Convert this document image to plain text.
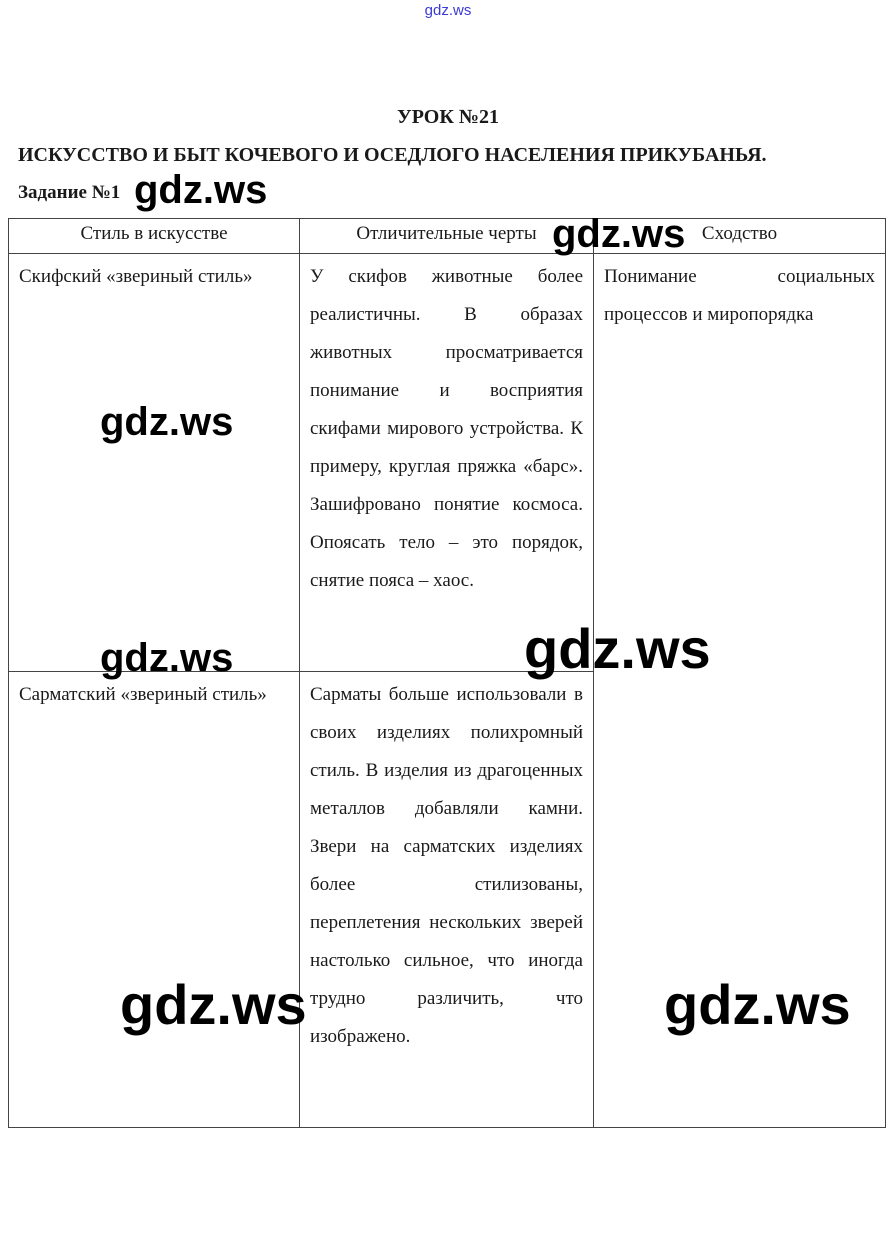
gdz.ws
УРОК №21
ИСКУССТВО И БЫТ КОЧЕВОГО И ОСЕДЛОГО НАСЕЛЕНИЯ ПРИКУБАНЬЯ.
Задание №1
Стиль в искусстве	Отличительные черты	Сходство
Скифский «звериный стиль»	У скифов животные более реалистичны. В образах животных просматривается понимание и восприятия скифами мирового устройства. К примеру, круглая пряжка «барс». Зашифровано понятие космоса. Опоясать тело – это порядок, снятие пояса – хаос.	Понимание социальных процессов и миропорядка
Сарматский «звериный стиль»	Сарматы больше использовали в своих изделиях полихромный стиль. В изделия из драгоценных металлов добавляли камни. Звери на сарматских изделиях более стилизованы, переплетения нескольких зверей настолько сильное, что иногда трудно различить, что изображено.	
gdz.ws
gdz.ws
gdz.ws
gdz.ws	gdz.ws
gdz.ws	gdz.ws
